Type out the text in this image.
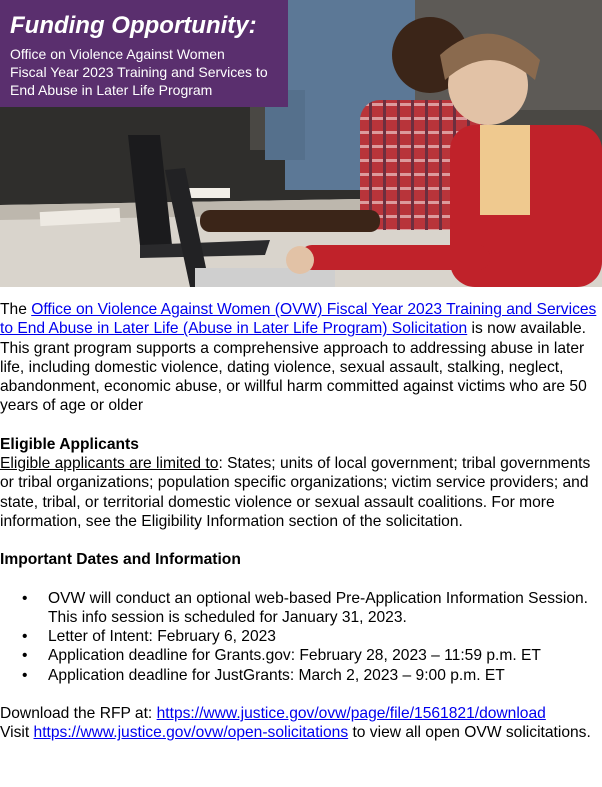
Funding Opportunity:
Office on Violence Against Women
Fiscal Year 2023 Training and Services to
End Abuse in Later Life Program

The Office on Violence Against Women (OVW) Fiscal Year 2023 Training and Services to End Abuse in Later Life (Abuse in Later Life Program) Solicitation is now available. This grant program supports a comprehensive approach to addressing abuse in later life, including domestic violence, dating violence, sexual assault, stalking, neglect, abandonment, economic abuse, or willful harm committed against victims who are 50 years of age or older

Eligible Applicants

Eligible applicants are limited to: States; units of local government; tribal governments or tribal organizations; population specific organizations; victim service providers; and state, tribal, or territorial domestic violence or sexual assault coalitions. For more information, see the Eligibility Information section of the solicitation.

Important Dates and Information
• OVW will conduct an optional web-based Pre-Application Information Session. This info session is scheduled for January 31, 2023.
• Letter of Intent: February 6, 2023
• Application deadline for Grants.gov: February 28, 2023 – 11:59 p.m. ET
• Application deadline for JustGrants: March 2, 2023 – 9:00 p.m. ET

Download the RFP at: https://www.justice.gov/ovw/page/file/1561821/download

Visit https://www.justice.gov/ovw/open-solicitations to view all open OVW solicitations.
